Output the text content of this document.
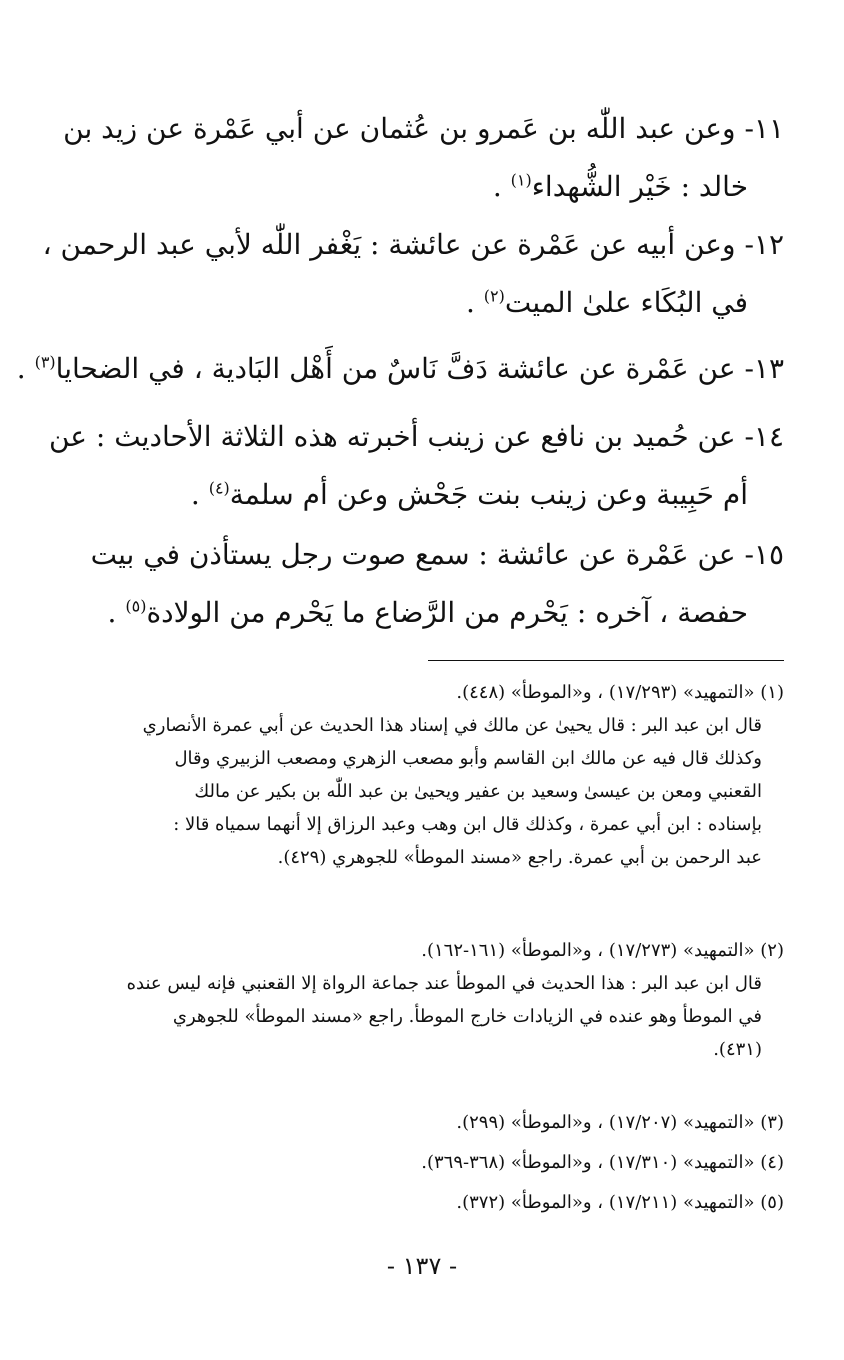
١١- وعن عبد اللّٰه بن عَمرو بن عُثمان عن أبي عَمْرة عن زيد بن
خالد : خَيْر الشُّهداء$^{(١)}$ .
١٢- وعن أبيه عن عَمْرة عن عائشة : يَغْفر اللّٰه لأبي عبد الرحمن ،
في البُكَاء علىٰ الميت$^{(٢)}$ .
١٣- عن عَمْرة عن عائشة دَفَّ نَاسٌ من أَهْل البَادية ، في الضحايا$^{(٣)}$ .
١٤- عن حُميد بن نافع عن زينب أخبرته هذه الثلاثة الأحاديث : عن
أم حَبِيبة وعن زينب بنت جَحْش وعن أم سلمة$^{(٤)}$ .
١٥- عن عَمْرة عن عائشة : سمع صوت رجل يستأذن في بيت
حفصة ، آخره : يَحْرم من الرَّضاع ما يَحْرم من الولادة$^{(٥)}$ .
(١) «التمهيد» (١٧/٢٩٣) ، و«الموطأ» (٤٤٨).
قال ابن عبد البر : قال يحيىٰ عن مالك في إسناد هذا الحديث عن أبي عمرة الأنصاري
وكذلك قال فيه عن مالك ابن القاسم وأبو مصعب الزهري ومصعب الزبيري وقال
القعنبي ومعن بن عيسىٰ وسعيد بن عفير ويحيىٰ بن عبد اللّٰه بن بكير عن مالك
بإسناده : ابن أبي عمرة ، وكذلك قال ابن وهب وعبد الرزاق إلا أنهما سمياه قالا :
عبد الرحمن بن أبي عمرة. راجع «مسند الموطأ» للجوهري (٤٢٩).
(٢) «التمهيد» (١٧/٢٧٣) ، و«الموطأ» (١٦١-١٦٢).
قال ابن عبد البر : هذا الحديث في الموطأ عند جماعة الرواة إلا القعنبي فإنه ليس عنده
في الموطأ وهو عنده في الزيادات خارج الموطأ. راجع «مسند الموطأ» للجوهري
(٤٣١).
(٣) «التمهيد» (١٧/٢٠٧) ، و«الموطأ» (٢٩٩).
(٤) «التمهيد» (١٧/٣١٠) ، و«الموطأ» (٣٦٨-٣٦٩).
(٥) «التمهيد» (١٧/٢١١) ، و«الموطأ» (٣٧٢).
- ١٣٧ -
